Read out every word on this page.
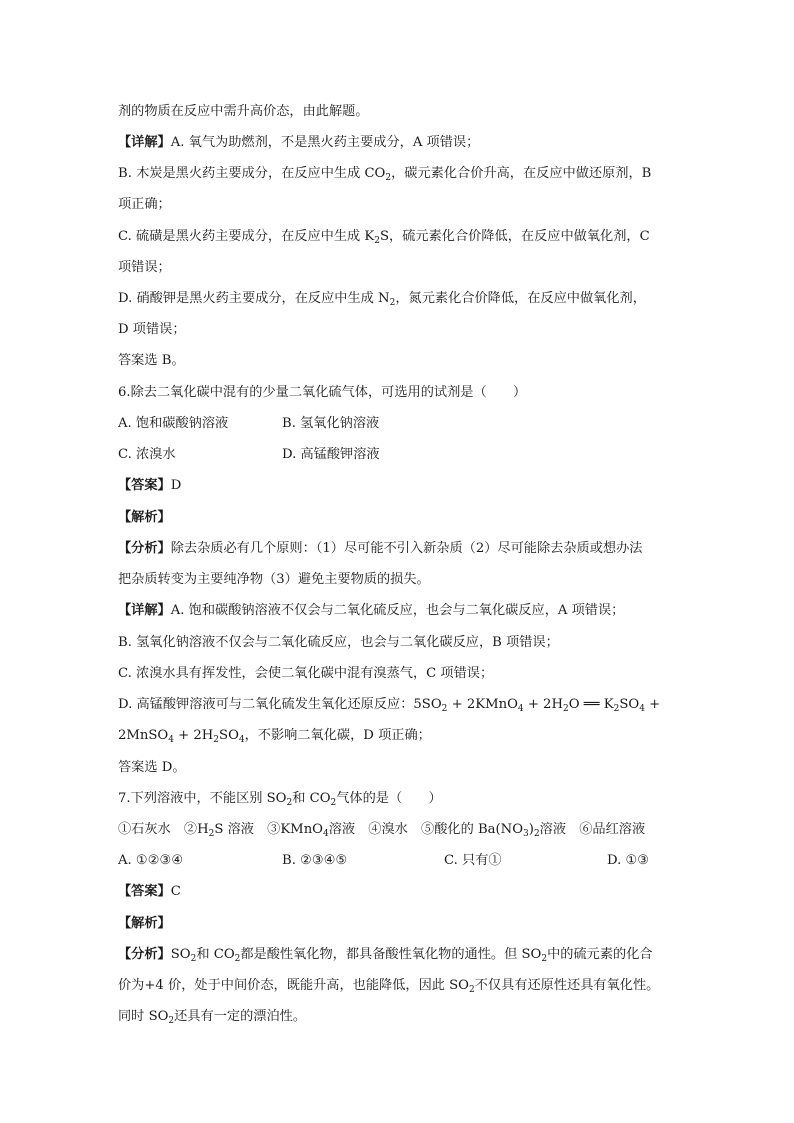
剂的物质在反应中需升高价态，由此解题。
【详解】A. 氧气为助燃剂，不是黑火药主要成分，A 项错误；
B. 木炭是黑火药主要成分，在反应中生成 $CO_2$，碳元素化合价升高，在反应中做还原剂，B
项正确；
C. 硫磺是黑火药主要成分，在反应中生成 $K_2S$，硫元素化合价降低，在反应中做氧化剂，C
项错误；
D. 硝酸钾是黑火药主要成分，在反应中生成 $N_2$，氮元素化合价降低，在反应中做氧化剂，
D 项错误；
答案选 B。
6.除去二氧化碳中混有的少量二氧化硫气体，可选用的试剂是（　　）
A. 饱和碳酸钠溶液	B. 氢氧化钠溶液
C. 浓溴水	D. 高锰酸钾溶液
【答案】D
【解析】
【分析】除去杂质必有几个原则：（1）尽可能不引入新杂质（2）尽可能除去杂质或想办法
把杂质转变为主要纯净物（3）避免主要物质的损失。
【详解】A. 饱和碳酸钠溶液不仅会与二氧化硫反应，也会与二氧化碳反应，A 项错误；
B. 氢氧化钠溶液不仅会与二氧化硫反应，也会与二氧化碳反应，B 项错误；
C. 浓溴水具有挥发性，会使二氧化碳中混有溴蒸气，C 项错误；
D. 高锰酸钾溶液可与二氧化硫发生氧化还原反应：$5SO_2$ + 2KMnO$_4$ + $2H_2O$ ══ $K_2SO_4$ +
2MnSO$_4$ + $2H_2SO_4$，不影响二氧化碳，D 项正确；
答案选 D。
7.下列溶液中，不能区别 $SO_2$和 $CO_2$气体的是（　　）
①石灰水　$②H_2S$ 溶液　③KMnO$_4$溶液　④溴水　⑤酸化的 $Ba(NO_3)_2$溶液　⑥品红溶液
A. ①②③④	B. ②③④⑤	C. 只有①	D. ①③
【答案】C
【解析】
【分析】$SO_2$和 $CO_2$都是酸性氧化物，都具备酸性氧化物的通性。但 $SO_2$中的硫元素的化合
价为+4 价，处于中间价态，既能升高，也能降低，因此 $SO_2$不仅具有还原性还具有氧化性。
同时 $SO_2$还具有一定的漂泊性。
